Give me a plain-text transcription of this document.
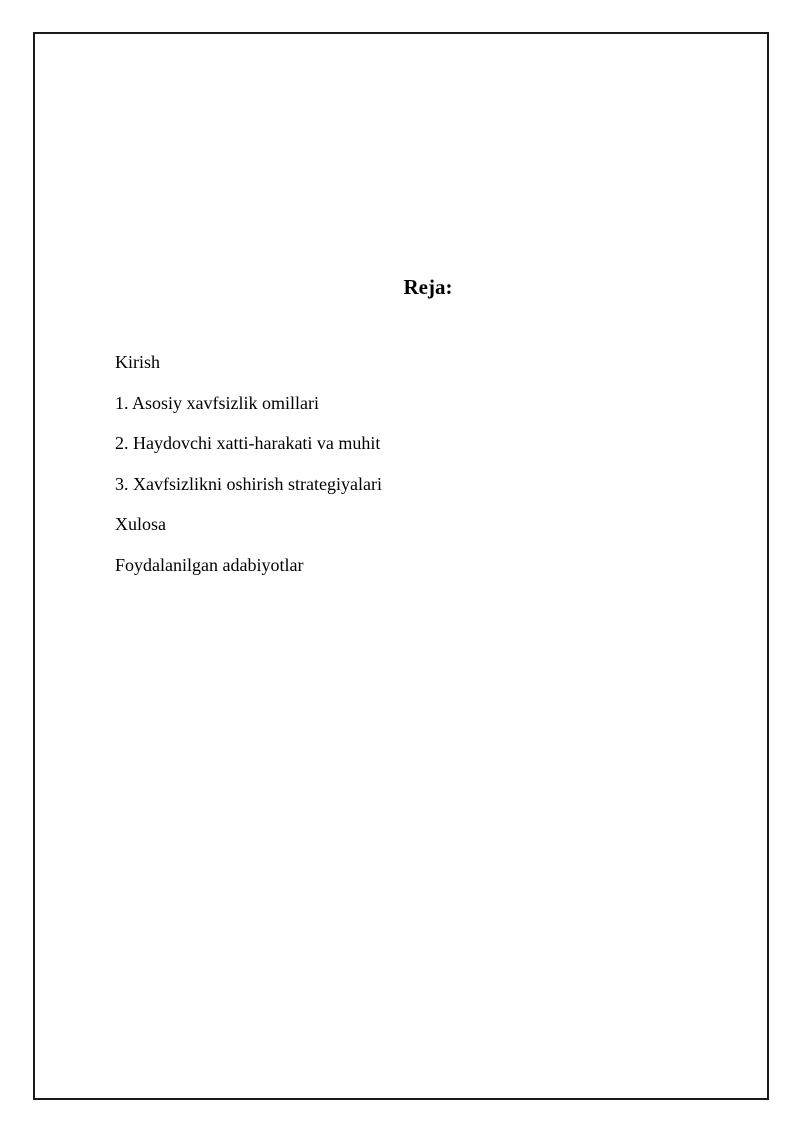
Reja:
Kirish
1. Asosiy xavfsizlik omillari
2. Haydovchi xatti-harakati va muhit
3. Xavfsizlikni oshirish strategiyalari
Xulosa
Foydalanilgan adabiyotlar
